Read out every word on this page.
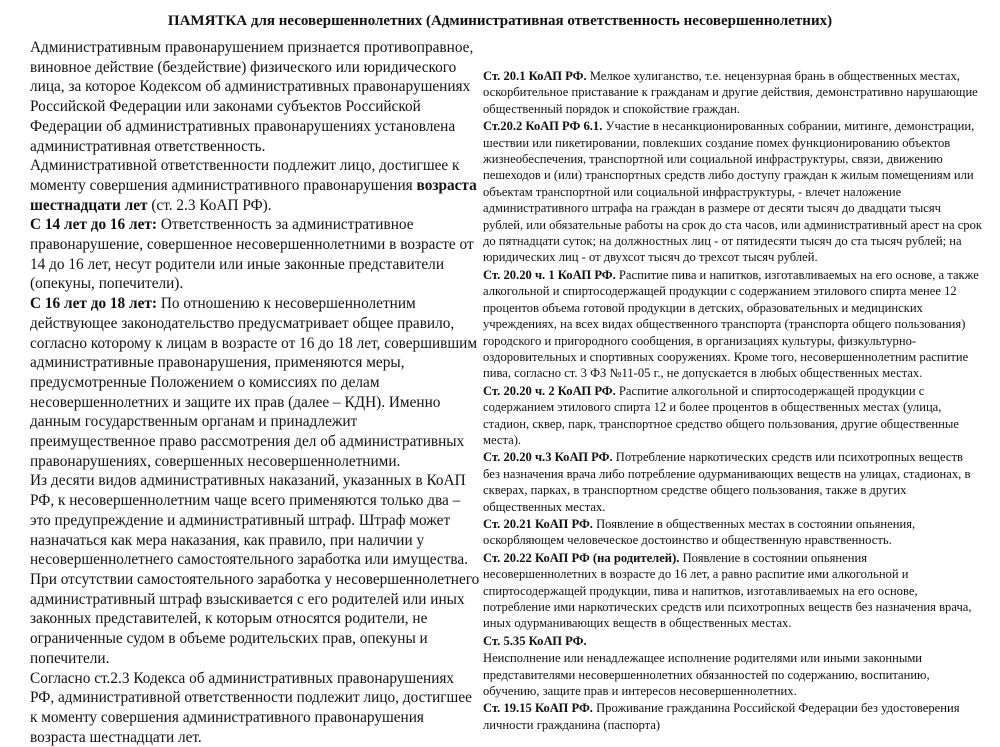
ПАМЯТКА для несовершеннолетних (Административная ответственность несовершеннолетних)

Административным правонарушением признается противоправное, виновное действие (бездействие) физического или юридического лица, за которое Кодексом об административных правонарушениях Российской Федерации или законами субъектов Российской Федерации об административных правонарушениях установлена административная ответственность.

Административной ответственности подлежит лицо, достигшее к моменту совершения административного правонарушения возраста шестнадцати лет (ст. 2.3 КоАП РФ).

С 14 лет до 16 лет: Ответственность за административное правонарушение, совершенное несовершеннолетними в возрасте от 14 до 16 лет, несут родители или иные законные представители (опекуны, попечители).

С 16 лет до 18 лет: По отношению к несовершеннолетним действующее законодательство предусматривает общее правило, согласно которому к лицам в возрасте от 16 до 18 лет, совершившим административные правонарушения, применяются меры, предусмотренные Положением о комиссиях по делам несовершеннолетних и защите их прав (далее – КДН). Именно данным государственным органам и принадлежит преимущественное право рассмотрения дел об административных правонарушениях, совершенных несовершеннолетними.

Из десяти видов административных наказаний, указанных в КоАП РФ, к несовершеннолетним чаще всего применяются только два – это предупреждение и административный штраф. Штраф может назначаться как мера наказания, как правило, при наличии у несовершеннолетнего самостоятельного заработка или имущества. При отсутствии самостоятельного заработка у несовершеннолетнего административный штраф взыскивается с его родителей или иных законных представителей, к которым относятся родители, не ограниченные судом в объеме родительских прав, опекуны и попечители.

Согласно ст.2.3 Кодекса об административных правонарушениях РФ, административной ответственности подлежит лицо, достигшее к моменту совершения административного правонарушения возраста шестнадцати лет.

Ст. 20.1 КоАП РФ. Мелкое хулиганство, т.е. нецензурная брань в общественных местах, оскорбительное приставание к гражданам и другие действия, демонстративно нарушающие общественный порядок и спокойствие граждан.

Ст.20.2 КоАП РФ 6.1. Участие в несанкционированных собрании, митинге, демонстрации, шествии или пикетировании, повлекших создание помех функционированию объектов жизнеобеспечения, транспортной или социальной инфраструктуры, связи, движению пешеходов и (или) транспортных средств либо доступу граждан к жилым помещениям или объектам транспортной или социальной инфраструктуры, - влечет наложение административного штрафа на граждан в размере от десяти тысяч до двадцати тысяч рублей, или обязательные работы на срок до ста часов, или административный арест на срок до пятнадцати суток; на должностных лиц - от пятидесяти тысяч до ста тысяч рублей; на юридических лиц - от двухсот тысяч до трехсот тысяч рублей.

Ст. 20.20 ч. 1 КоАП РФ. Распитие пива и напитков, изготавливаемых на его основе, а также алкогольной и спиртосодержащей продукции с содержанием этилового спирта менее 12 процентов объема готовой продукции в детских, образовательных и медицинских учреждениях, на всех видах общественного транспорта (транспорта общего пользования) городского и пригородного сообщения, в организациях культуры, физкультурно-оздоровительных и спортивных сооружениях. Кроме того, несовершеннолетним распитие пива, согласно ст. 3 ФЗ №11-05 г., не допускается в любых общественных местах.

Ст. 20.20 ч. 2 КоАП РФ. Распитие алкогольной и спиртосодержащей продукции с содержанием этилового спирта 12 и более процентов в общественных местах (улица, стадион, сквер, парк, транспортное средство общего пользования, другие общественные места).

Ст. 20.20 ч.3 КоАП РФ. Потребление наркотических средств или психотропных веществ без назначения врача либо потребление одурманивающих веществ на улицах, стадионах, в скверах, парках, в транспортном средстве общего пользования, также в других общественных местах.

Ст. 20.21 КоАП РФ. Появление в общественных местах в состоянии опьянения, оскорбляющем человеческое достоинство и общественную нравственность.

Ст. 20.22 КоАП РФ (на родителей). Появление в состоянии опьянения несовершеннолетних в возрасте до 16 лет, а равно распитие ими алкогольной и спиртосодержащей продукции, пива и напитков, изготавливаемых на его основе, потребление ими наркотических средств или психотропных веществ без назначения врача, иных одурманивающих веществ в общественных местах.

Ст. 5.35 КоАП РФ.

Неисполнение или ненадлежащее исполнение родителями или иными законными представителями несовершеннолетних обязанностей по содержанию, воспитанию, обучению, защите прав и интересов несовершеннолетних.

Ст. 19.15 КоАП РФ. Проживание гражданина Российской Федерации без удостоверения личности гражданина (паспорта)
